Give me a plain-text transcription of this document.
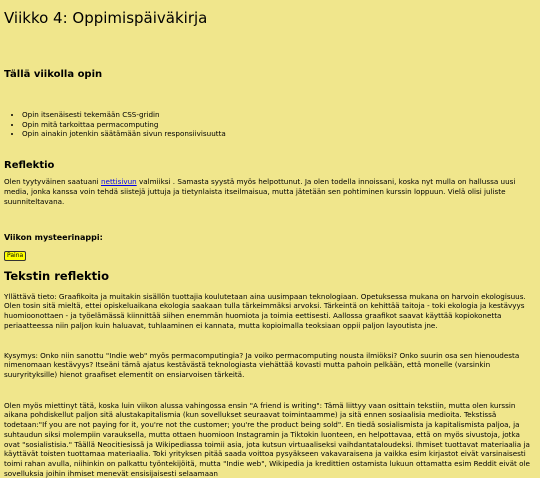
Viikko 4: Oppimispäiväkirja
Tällä viikolla opin
• Opin itsenäisesti tekemään CSS-gridin
• Opin mitä tarkoittaa permacomputing
• Opin ainakin jotenkin säätämään sivun responsiivisuutta
Reflektio

Olen tyytyväinen saatuani nettisivun valmiiksi . Samasta syystä myös helpottunut. Ja olen todella innoissani, koska nyt mulla on hallussa uusi media, jonka kanssa voin tehdä siistejä juttuja ja tietynlaista itseilmaisua, mutta jätetään sen pohtiminen kurssin loppuun. Vielä olisi juliste suunniteltavana.

Viikon mysteerinappi:
Paina
Tekstin reflektio

Yllättävä tieto: Graafikoita ja muitakin sisällön tuottajia koulutetaan aina uusimpaan teknologiaan. Opetuksessa mukana on harvoin ekologisuus. Olen tosin sitä mieltä, ettei opiskeluaikana ekologia saakaan tulla tärkeimmäksi arvoksi. Tärkeintä on kehittää taitoja - toki ekologia ja kestävyys huomioonottaen - ja työelämässä kiinnittää siihen enemmän huomiota ja toimia eettisesti. Aallossa graafikot saavat käyttää kopiokonetta periaatteessa niin paljon kuin haluavat, tuhlaaminen ei kannata, mutta kopioimalla teoksiaan oppii paljon layoutista jne.

Kysymys: Onko niin sanottu "Indie web" myös permacomputingia? Ja voiko permacomputing nousta ilmiöksi? Onko suurin osa sen hienoudesta nimenomaan kestävyys? Itseäni tämä ajatus kestävästä teknologiasta viehättää kovasti mutta pahoin pelkään, että monelle (varsinkin suuryrityksille) hienot graafiset elementit on ensiarvoisen tärkeitä.

Olen myös miettinyt tätä, koska luin viikon alussa vahingossa ensin "A friend is writing": Tämä liittyy vaan osittain tekstiin, mutta olen kurssin aikana pohdiskellut paljon sitä alustakapitalismia (kun sovellukset seuraavat toimintaamme) ja sitä ennen sosiaalisia medioita. Tekstissä todetaan:"If you are not paying for it, you're not the customer; you're the product being sold". En tiedä sosialismista ja kapitalismista paljoa, ja suhtaudun siksi molempiin varauksella, mutta ottaen huomioon Instagramin ja Tiktokin luonteen, en helpottavaa, että on myös sivustoja, jotka ovat "sosialistisia." Täällä Neocitiesissä ja Wikipediassa toimii asia, jota kutsun virtuaaliseksi vaihdantataloudeksi. Ihmiset tuottavat materiaalia ja käyttävät toisten tuottamaa materiaalia. Toki yrityksen pitää saada voittoa pysyäkseen vakavaraisena ja vaikka esim kirjastot eivät varsinaisesti toimi rahan avulla, niihinkin on palkattu työntekijöitä, mutta "Indie web", Wikipedia ja kredittien ostamista lukuun ottamatta esim Reddit eivät ole sovelluksia joihin ihmiset menevät ensisijaisesti selaamaan
